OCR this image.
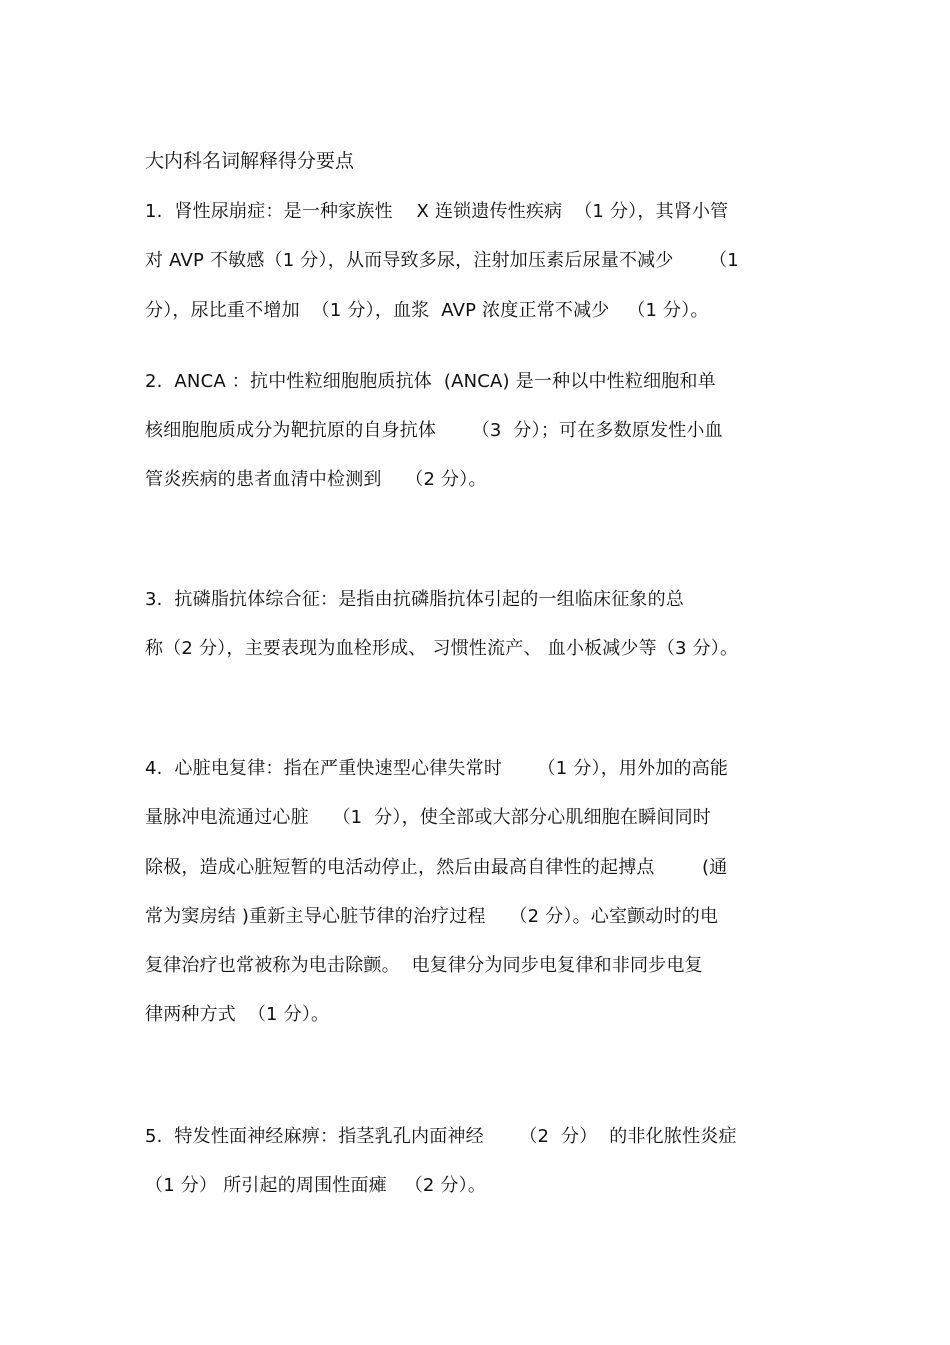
大内科名词解释得分要点
1.  肾性尿崩症：是一种家族性    X 连锁遗传性疾病  （1 分），其肾小管
对 AVP 不敏感（1 分），从而导致多尿，注射加压素后尿量不减少      （1
分），尿比重不增加  （1 分），血浆  AVP 浓度正常不减少   （1 分）。
2.  ANCA ：抗中性粒细胞胞质抗体  (ANCA) 是一种以中性粒细胞和单
核细胞胞质成分为靶抗原的自身抗体      （3  分）；可在多数原发性小血
管炎疾病的患者血清中检测到    （2 分）。
3.  抗磷脂抗体综合征：是指由抗磷脂抗体引起的一组临床征象的总
称（2 分），主要表现为血栓形成、 习惯性流产、 血小板减少等（3 分）。
4.  心脏电复律：指在严重快速型心律失常时      （1 分），用外加的高能
量脉冲电流通过心脏    （1  分），使全部或大部分心肌细胞在瞬间同时
除极，造成心脏短暂的电活动停止，然后由最高自律性的起搏点        (通
常为窦房结 )重新主导心脏节律的治疗过程    （2 分）。心室颤动时的电
复律治疗也常被称为电击除颤。  电复律分为同步电复律和非同步电复
律两种方式  （1 分）。
5.  特发性面神经麻痹：指茎乳孔内面神经      （2  分）  的非化脓性炎症
（1 分） 所引起的周围性面瘫   （2 分）。
